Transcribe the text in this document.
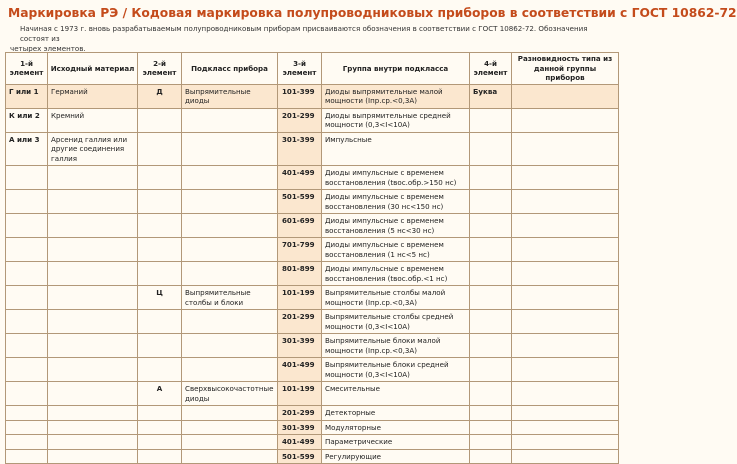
Маркировка РЭ / Кодовая маркировка полупроводниковых приборов в соответствии с ГОСТ 10862-72
Начиная с 1973 г. вновь разрабатываемым полупроводниковым приборам присваиваются обозначения в соответствии с ГОСТ 10862-72. Обозначения состоят из
четырех элементов.
1-й элемент	Исходный материал	2-й элемент	Подкласс прибора	3-й элемент	Группа внутри подкласса	4-й элемент	Разновидность типа из данной группы приборов
Г или 1	Германий	Д	Выпрямительные диоды	101-399	Диоды выпрямительные малой мощности (Iпр.ср.<0,3А)	Буква	
К или 2	Кремний			201-299	Диоды выпрямительные средней мощности (0,3<I<10А)		
А или 3	Арсенид галлия или другие соединения галлия			301-399	Импульсные		
				401-499	Диоды импульсные с временем восстановления (tвос.обр.>150 нс)		
				501-599	Диоды импульсные с временем восстановления (30 нс<150 нс)		
				601-699	Диоды импульсные с временем восстановления (5 нс<30 нс)		
				701-799	Диоды импульсные с временем восстановления (1 нс<5 нс)		
				801-899	Диоды импульсные с временем восстановления (tвос.обр.<1 нс)		
		Ц	Выпрямительные столбы и блоки	101-199	Выпрямительные столбы малой мощности (Iпр.ср.<0,3А)		
				201-299	Выпрямительные столбы средней мощности (0,3<I<10А)		
				301-399	Выпрямительные блоки малой мощности (Iпр.ср.<0,3А)		
				401-499	Выпрямительные блоки средней мощности (0,3<I<10А)		
		А	Сверхвысокочастотные диоды	101-199	Смесительные		
				201-299	Детекторные		
				301-399	Модуляторные		
				401-499	Параметрические		
				501-599	Регулирующие		
